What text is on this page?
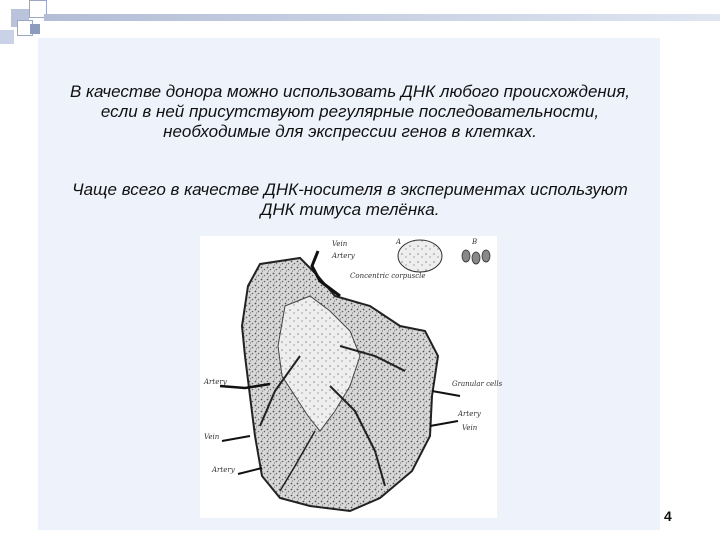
В качестве донора можно использовать ДНК любого происхождения, если в ней присутствуют регулярные последовательности, необходимые для экспрессии генов в клетках.

Чаще всего в качестве ДНК-носителя в экспериментах используют ДНК тимуса телёнка.

Vein
Artery
Concentric corpuscle
A	B
Artery
Vein
Artery
Granular cells
Artery
Vein
4
